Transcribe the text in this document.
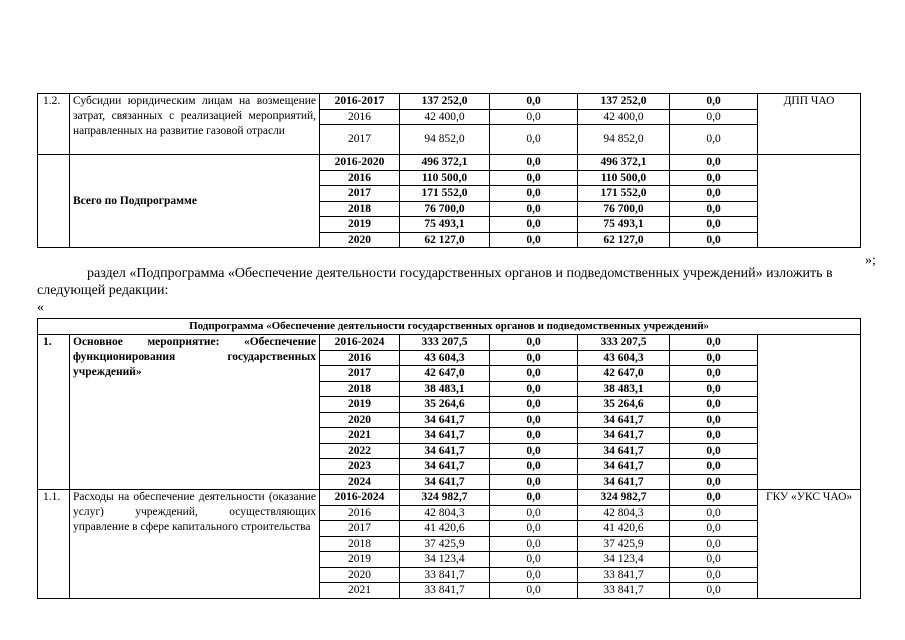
1.2.	Субсидии юридическим лицам на возмещение затрат, связанных с реализацией мероприятий, направленных на развитие газовой отрасли	2016-2017	137 252,0	0,0	137 252,0	0,0	ДПП ЧАО
		2016	42 400,0	0,0	42 400,0	0,0	
		2017	94 852,0	0,0	94 852,0	0,0	
	Всего по Подпрограмме	2016-2020	496 372,1	0,0	496 372,1	0,0	
		2016	110 500,0	0,0	110 500,0	0,0	
		2017	171 552,0	0,0	171 552,0	0,0	
		2018	76 700,0	0,0	76 700,0	0,0	
		2019	75 493,1	0,0	75 493,1	0,0	
		2020	62 127,0	0,0	62 127,0	0,0	
»;
раздел «Подпрограмма «Обеспечение деятельности государственных органов и подведомственных учреждений» изложить в
следующей редакции:
«
Подпрограмма «Обеспечение деятельности государственных органов и подведомственных учреждений»							
1.	Основное мероприятие: «Обеспечение функционирования государственных учреждений»	2016-2024	333 207,5	0,0	333 207,5	0,0	
		2016	43 604,3	0,0	43 604,3	0,0	
		2017	42 647,0	0,0	42 647,0	0,0	
		2018	38 483,1	0,0	38 483,1	0,0	
		2019	35 264,6	0,0	35 264,6	0,0	
		2020	34 641,7	0,0	34 641,7	0,0	
		2021	34 641,7	0,0	34 641,7	0,0	
		2022	34 641,7	0,0	34 641,7	0,0	
		2023	34 641,7	0,0	34 641,7	0,0	
		2024	34 641,7	0,0	34 641,7	0,0	
1.1.	Расходы на обеспечение деятельности (оказание услуг) учреждений, осуществляющих управление в сфере капитального строительства	2016-2024	324 982,7	0,0	324 982,7	0,0	ГКУ «УКС ЧАО»
		2016	42 804,3	0,0	42 804,3	0,0	
		2017	41 420,6	0,0	41 420,6	0,0	
		2018	37 425,9	0,0	37 425,9	0,0	
		2019	34 123,4	0,0	34 123,4	0,0	
		2020	33 841,7	0,0	33 841,7	0,0	
		2021	33 841,7	0,0	33 841,7	0,0	
